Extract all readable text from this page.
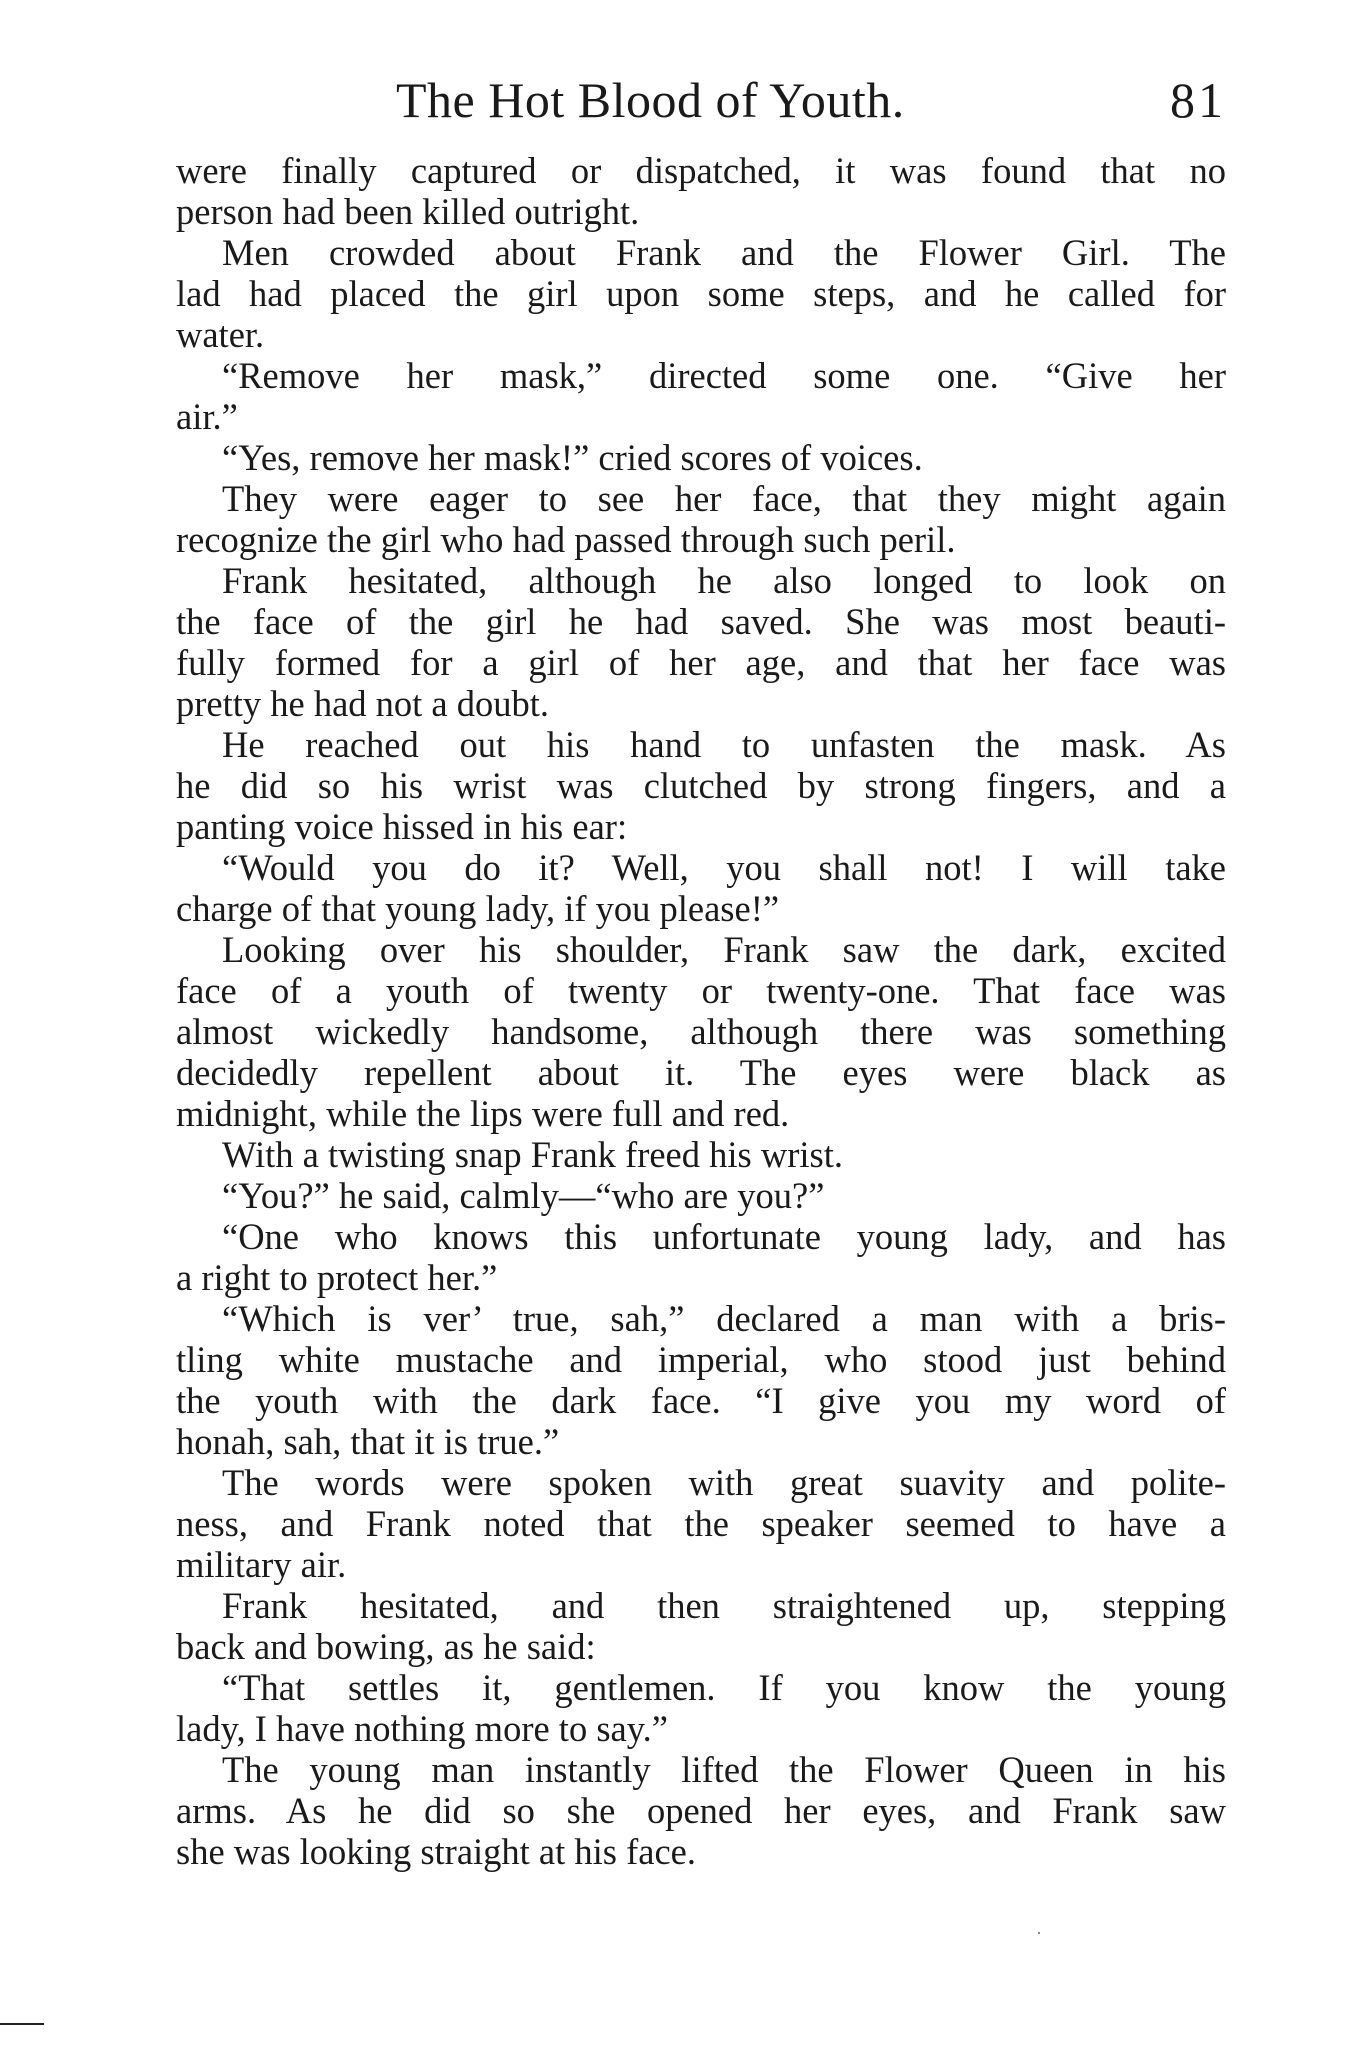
The Hot Blood of Youth.	81
were finally captured or dispatched, it was found that no
person had been killed outright.
Men crowded about Frank and the Flower Girl. The
lad had placed the girl upon some steps, and he called for
water.
“Remove her mask,” directed some one. “Give her
air.”
“Yes, remove her mask!” cried scores of voices.
They were eager to see her face, that they might again
recognize the girl who had passed through such peril.
Frank hesitated, although he also longed to look on
the face of the girl he had saved. She was most beauti-
fully formed for a girl of her age, and that her face was
pretty he had not a doubt.
He reached out his hand to unfasten the mask. As
he did so his wrist was clutched by strong fingers, and a
panting voice hissed in his ear:
“Would you do it? Well, you shall not! I will take
charge of that young lady, if you please!”
Looking over his shoulder, Frank saw the dark, excited
face of a youth of twenty or twenty-one. That face was
almost wickedly handsome, although there was something
decidedly repellent about it. The eyes were black as
midnight, while the lips were full and red.
With a twisting snap Frank freed his wrist.
“You?” he said, calmly—“who are you?”
“One who knows this unfortunate young lady, and has
a right to protect her.”
“Which is ver’ true, sah,” declared a man with a bris-
tling white mustache and imperial, who stood just behind
the youth with the dark face. “I give you my word of
honah, sah, that it is true.”
The words were spoken with great suavity and polite-
ness, and Frank noted that the speaker seemed to have a
military air.
Frank hesitated, and then straightened up, stepping
back and bowing, as he said:
“That settles it, gentlemen. If you know the young
lady, I have nothing more to say.”
The young man instantly lifted the Flower Queen in his
arms. As he did so she opened her eyes, and Frank saw
she was looking straight at his face.
